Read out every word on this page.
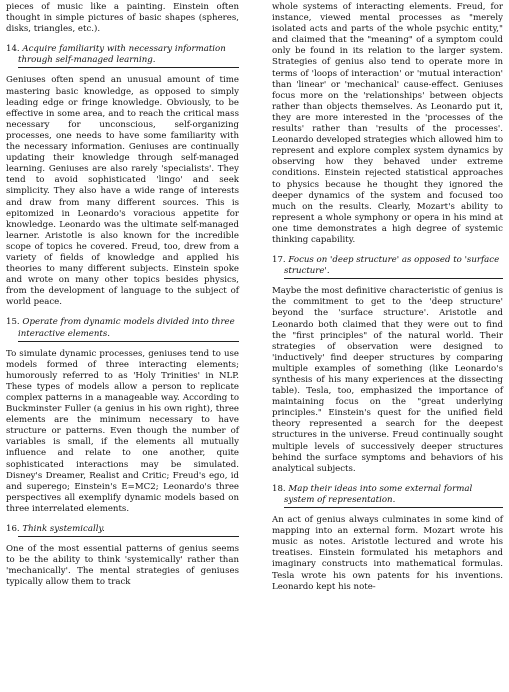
pieces of music like a painting. Einstein often thought in simple pictures of basic shapes (spheres, disks, triangles, etc.).

14. Acquire familiarity with necessary information through self-managed learning.

Geniuses often spend an unusual amount of time mastering basic knowledge, as opposed to simply leading edge or fringe knowledge. Obviously, to be effective in some area, and to reach the critical mass necessary for unconscious, self-organizing processes, one needs to have some familiarity with the necessary information. Geniuses are continually updating their knowledge through self-managed learning. Geniuses are also rarely 'specialists'. They tend to avoid sophisticated 'lingo' and seek simplicity. They also have a wide range of interests and draw from many different sources. This is epitomized in Leonardo's voracious appetite for knowledge. Leonardo was the ultimate self-managed learner. Aristotle is also known for the incredible scope of topics he covered. Freud, too, drew from a variety of fields of knowledge and applied his theories to many different subjects. Einstein spoke and wrote on many other topics besides physics, from the development of language to the subject of world peace.

15. Operate from dynamic models divided into three interactive elements.

To simulate dynamic processes, geniuses tend to use models formed of three interacting elements; humorously referred to as 'Holy Trinities' in NLP. These types of models allow a person to replicate complex patterns in a manageable way. According to Buckminster Fuller (a genius in his own right), three elements are the minimum necessary to have structure or patterns. Even though the number of variables is small, if the elements all mutually influence and relate to one another, quite sophisticated interactions may be simulated. Disney's Dreamer, Realist and Critic; Freud's ego, id and superego; Einstein's E=MC2; Leonardo's three perspectives all exemplify dynamic models based on three interrelated elements.

16. Think systemically.

One of the most essential patterns of genius seems to be the ability to think 'systemically' rather than 'mechanically'. The mental strategies of geniuses typically allow them to track

whole systems of interacting elements. Freud, for instance, viewed mental processes as "merely isolated acts and parts of the whole psychic entity," and claimed that the "meaning" of a symptom could only be found in its relation to the larger system. Strategies of genius also tend to operate more in terms of 'loops of interaction' or 'mutual interaction' than 'linear' or 'mechanical' cause-effect. Geniuses focus more on the 'relationships' between objects rather than objects themselves. As Leonardo put it, they are more interested in the 'processes of the results' rather than 'results of the processes'. Leonardo developed strategies which allowed him to represent and explore complex system dynamics by observing how they behaved under extreme conditions. Einstein rejected statistical approaches to physics because he thought they ignored the deeper dynamics of the system and focused too much on the results. Clearly, Mozart's ability to represent a whole symphony or opera in his mind at one time demonstrates a high degree of systemic thinking capability.

17. Focus on 'deep structure' as opposed to 'surface structure'.

Maybe the most definitive characteristic of genius is the commitment to get to the 'deep structure' beyond the 'surface structure'. Aristotle and Leonardo both claimed that they were out to find the "first principles" of the natural world. Their strategies of observation were designed to 'inductively' find deeper structures by comparing multiple examples of something (like Leonardo's synthesis of his many experiences at the dissecting table). Tesla, too, emphasized the importance of maintaining focus on the "great underlying principles." Einstein's quest for the unified field theory represented a search for the deepest structures in the universe. Freud continually sought multiple levels of successively deeper structures behind the surface symptoms and behaviors of his analytical subjects.

18. Map their ideas into some external formal system of representation.

An act of genius always culminates in some kind of mapping into an external form. Mozart wrote his music as notes. Aristotle lectured and wrote his treatises. Einstein formulated his metaphors and imaginary constructs into mathematical formulas. Tesla wrote his own patents for his inventions. Leonardo kept his note-
